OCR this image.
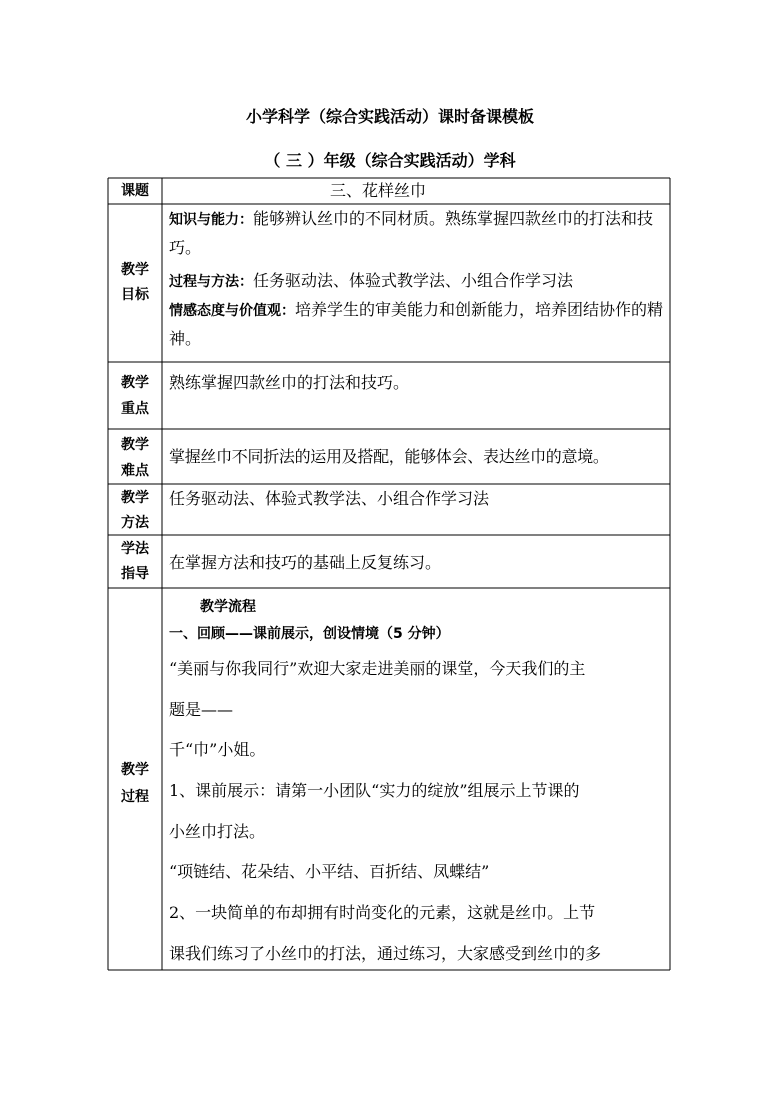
小学科学（综合实践活动）课时备课模板
（ 三 ）年级（综合实践活动）学科
课题	三、花样丝巾
教学
目标
知识与能力：能够辨认丝巾的不同材质。熟练掌握四款丝巾的打法和技巧。
过程与方法：任务驱动法、体验式教学法、小组合作学习法
情感态度与价值观：培养学生的审美能力和创新能力，培养团结协作的精神。
教学
重点
熟练掌握四款丝巾的打法和技巧。
教学
难点
掌握丝巾不同折法的运用及搭配，能够体会、表达丝巾的意境。
教学
方法
任务驱动法、体验式教学法、小组合作学习法
学法
指导
在掌握方法和技巧的基础上反复练习。
教学
过程
教学流程
一、回顾——课前展示，创设情境（5 分钟）
“美丽与你我同行”欢迎大家走进美丽的课堂，今天我们的主
题是——
千“巾”小姐。
1、课前展示：请第一小团队“实力的绽放”组展示上节课的
小丝巾打法。
“项链结、花朵结、小平结、百折结、凤蝶结”
2、一块简单的布却拥有时尚变化的元素，这就是丝巾。上节
课我们练习了小丝巾的打法，通过练习，大家感受到丝巾的多
